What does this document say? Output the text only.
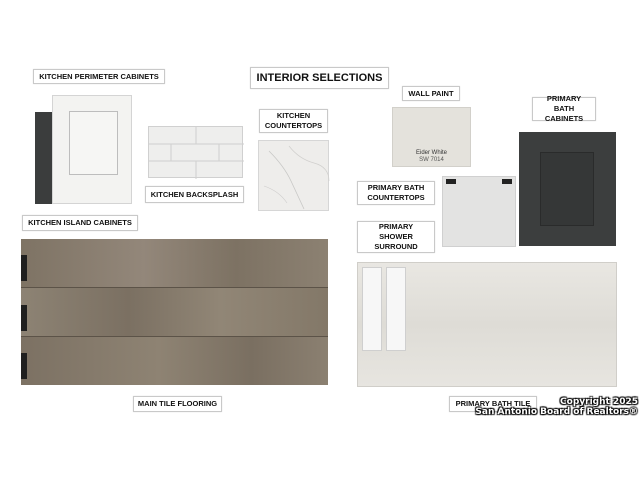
INTERIOR SELECTIONS
KITCHEN PERIMETER CABINETS
KITCHEN BACKSPLASH
KITCHEN
COUNTERTOPS
KITCHEN ISLAND CABINETS
MAIN TILE FLOORING
WALL PAINT
Eider White
SW 7014
PRIMARY BATH
CABINETS
PRIMARY BATH
COUNTERTOPS
PRIMARY
SHOWER
SURROUND
PRIMARY BATH TILE	Copyright 2025
San Antonio Board of Realtors®
